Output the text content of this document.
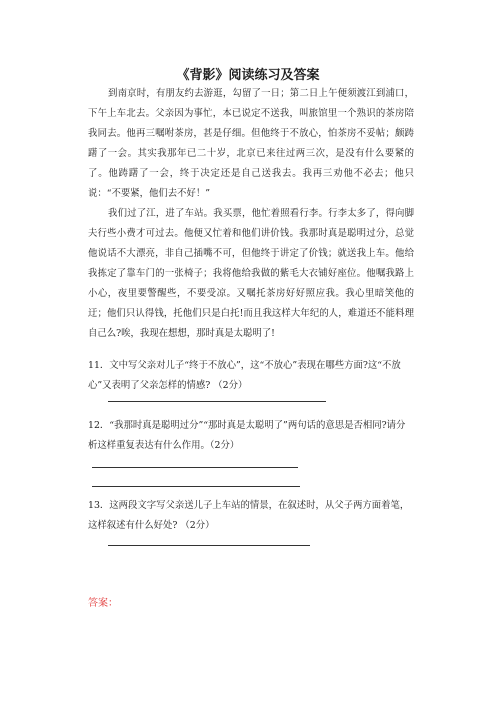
《背影》阅读练习及答案

到南京时，有朋友约去游逛，勾留了一日；第二日上午便须渡江到浦口，下午上车北去。父亲因为事忙，本已说定不送我，叫旅馆里一个熟识的茶房陪我同去。他再三嘱咐茶房，甚是仔细。但他终于不放心，怕茶房不妥帖；颇踌躇了一会。其实我那年已二十岁，北京已来往过两三次，是没有什么要紧的了。他踌躇了一会，终于决定还是自己送我去。我再三劝他不必去；他只说：“不要紧，他们去不好！”

我们过了江，进了车站。我买票，他忙着照看行李。行李太多了，得向脚夫行些小费才可过去。他便又忙着和他们讲价钱。我那时真是聪明过分，总觉他说话不大漂亮，非自己插嘴不可，但他终于讲定了价钱；就送我上车。他给我拣定了靠车门的一张椅子；我将他给我做的紫毛大衣铺好座位。他嘱我路上小心，夜里要警醒些，不要受凉。又嘱托茶房好好照应我。我心里暗笑他的迂；他们只认得钱，托他们只是白托!而且我这样大年纪的人，难道还不能料理自己么?唉，我现在想想，那时真是太聪明了!

11．文中写父亲对儿子“终于不放心”，这“不放心”表现在哪些方面?这“不放心”又表明了父亲怎样的情感? （2分）

12．“我那时真是聪明过分”“那时真是太聪明了”两句话的意思是否相同?请分析这样重复表达有什么作用。（2分）

13．这两段文字写父亲送儿子上车站的情景，在叙述时，从父子两方面着笔，这样叙述有什么好处? （2分）

答案：
